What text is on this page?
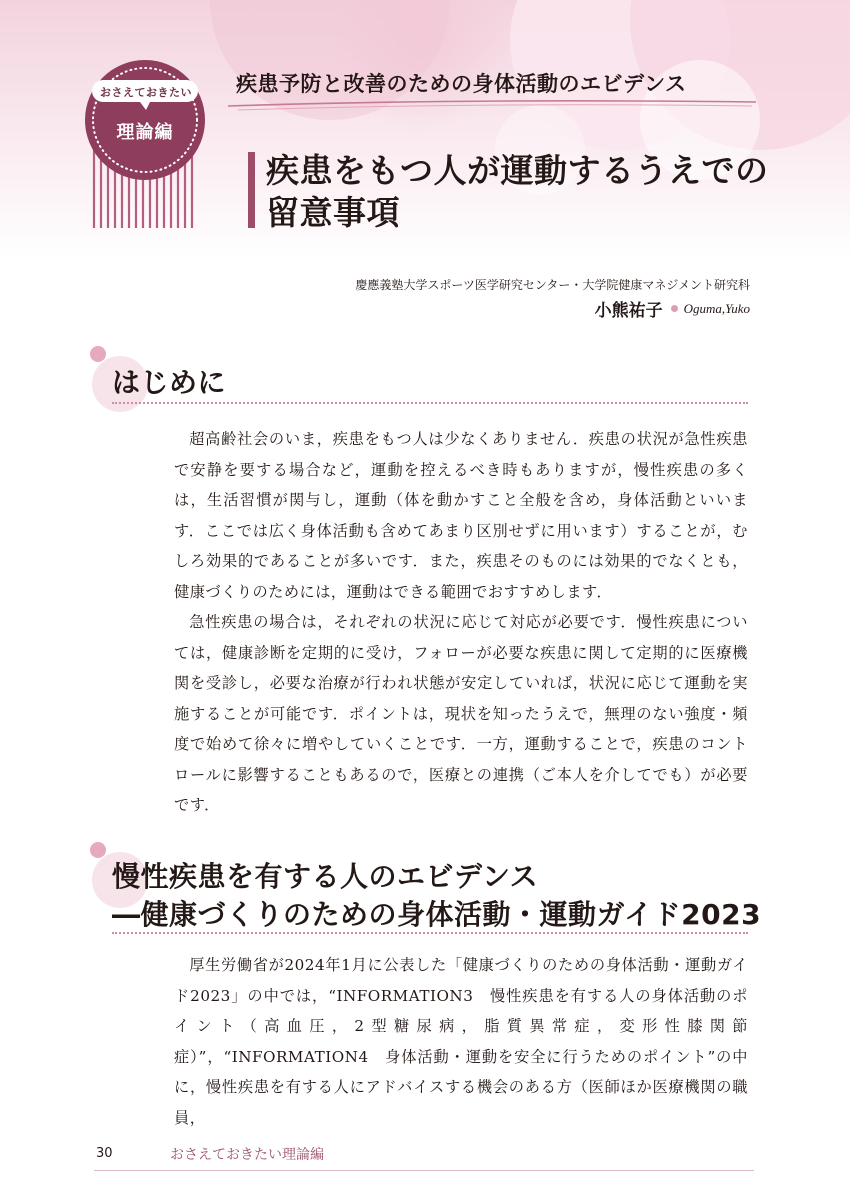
おさえておきたい
理論編
疾患予防と改善のための身体活動のエビデンス
疾患をもつ人が運動するうえでの
留意事項
慶應義塾大学スポーツ医学研究センター・大学院健康マネジメント研究科
小熊祐子 Oguma,Yuko
はじめに

超高齢社会のいま，疾患をもつ人は少なくありません．疾患の状況が急性疾患で安静を要する場合など，運動を控えるべき時もありますが，慢性疾患の多くは，生活習慣が関与し，運動（体を動かすこと全般を含め，身体活動といいます．ここでは広く身体活動も含めてあまり区別せずに用います）することが，むしろ効果的であることが多いです．また，疾患そのものには効果的でなくとも，健康づくりのためには，運動はできる範囲でおすすめします．

急性疾患の場合は，それぞれの状況に応じて対応が必要です．慢性疾患については，健康診断を定期的に受け，フォローが必要な疾患に関して定期的に医療機関を受診し，必要な治療が行われ状態が安定していれば，状況に応じて運動を実施することが可能です．ポイントは，現状を知ったうえで，無理のない強度・頻度で始めて徐々に増やしていくことです．一方，運動することで，疾患のコントロールに影響することもあるので，医療との連携（ご本人を介してでも）が必要です．

慢性疾患を有する人のエビデンス
―健康づくりのための身体活動・運動ガイド2023

厚生労働省が2024年1月に公表した「健康づくりのための身体活動・運動ガイド2023」の中では，“INFORMATION3　慢性疾患を有する人の身体活動のポイント（高血圧，2型糖尿病，脂質異常症，変形性膝関節症）”，“INFORMATION4　身体活動・運動を安全に行うためのポイント”の中に，慢性疾患を有する人にアドバイスする機会のある方（医師ほか医療機関の職員，

30	おさえておきたい理論編
